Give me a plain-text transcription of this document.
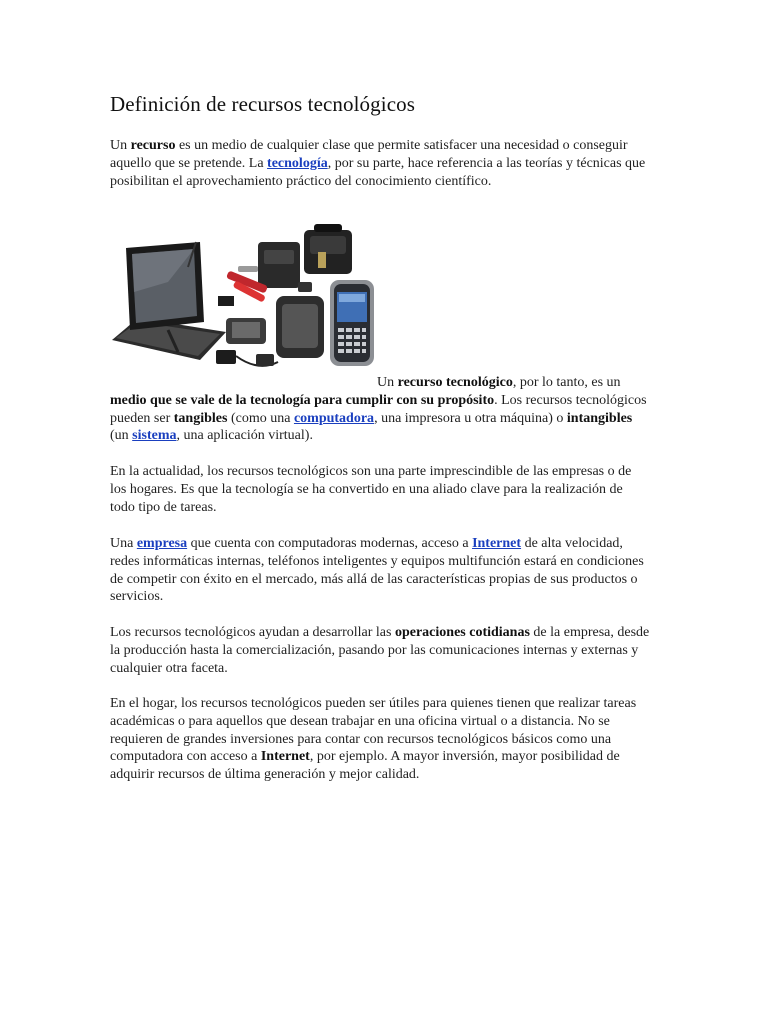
Definición de recursos tecnológicos

Un recurso es un medio de cualquier clase que permite satisfacer una necesidad o conseguir aquello que se pretende. La tecnología, por su parte, hace referencia a las teorías y técnicas que posibilitan el aprovechamiento práctico del conocimiento científico.

Un recurso tecnológico, por lo tanto, es un medio que se vale de la tecnología para cumplir con su propósito. Los recursos tecnológicos pueden ser tangibles (como una computadora, una impresora u otra máquina) o intangibles (un sistema, una aplicación virtual).

En la actualidad, los recursos tecnológicos son una parte imprescindible de las empresas o de los hogares. Es que la tecnología se ha convertido en una aliado clave para la realización de todo tipo de tareas.

Una empresa que cuenta con computadoras modernas, acceso a Internet de alta velocidad, redes informáticas internas, teléfonos inteligentes y equipos multifunción estará en condiciones de competir con éxito en el mercado, más allá de las características propias de sus productos o servicios.

Los recursos tecnológicos ayudan a desarrollar las operaciones cotidianas de la empresa, desde la producción hasta la comercialización, pasando por las comunicaciones internas y externas y cualquier otra faceta.

En el hogar, los recursos tecnológicos pueden ser útiles para quienes tienen que realizar tareas académicas o para aquellos que desean trabajar en una oficina virtual o a distancia. No se requieren de grandes inversiones para contar con recursos tecnológicos básicos como una computadora con acceso a Internet, por ejemplo. A mayor inversión, mayor posibilidad de adquirir recursos de última generación y mejor calidad.
